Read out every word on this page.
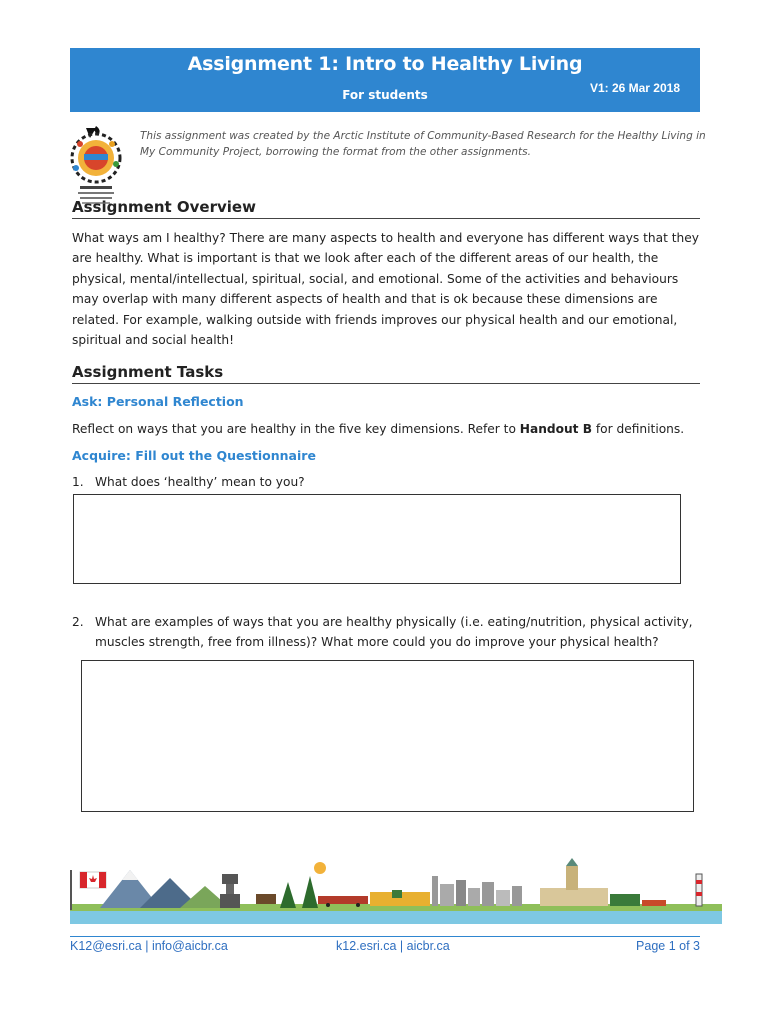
Assignment 1: Intro to Healthy Living
For students	V1: 26 Mar 2018
This assignment was created by the Arctic Institute of Community-Based Research for the Healthy Living in My Community Project, borrowing the format from the other assignments.
Assignment Overview
What ways am I healthy? There are many aspects to health and everyone has different ways that they are healthy. What is important is that we look after each of the different areas of our health, the physical, mental/intellectual, spiritual, social, and emotional. Some of the activities and behaviours may overlap with many different aspects of health and that is ok because these dimensions are related. For example, walking outside with friends improves our physical health and our emotional, spiritual and social health!
Assignment Tasks
Ask: Personal Reflection
Reflect on ways that you are healthy in the five key dimensions. Refer to Handout B for definitions.
Acquire: Fill out the Questionnaire
1. What does ‘healthy’ mean to you?
2. What are examples of ways that you are healthy physically (i.e. eating/nutrition, physical activity, muscles strength, free from illness)? What more could you do improve your physical health?
K12@esri.ca | info@aicbr.ca	k12.esri.ca | aicbr.ca	Page 1 of 3
